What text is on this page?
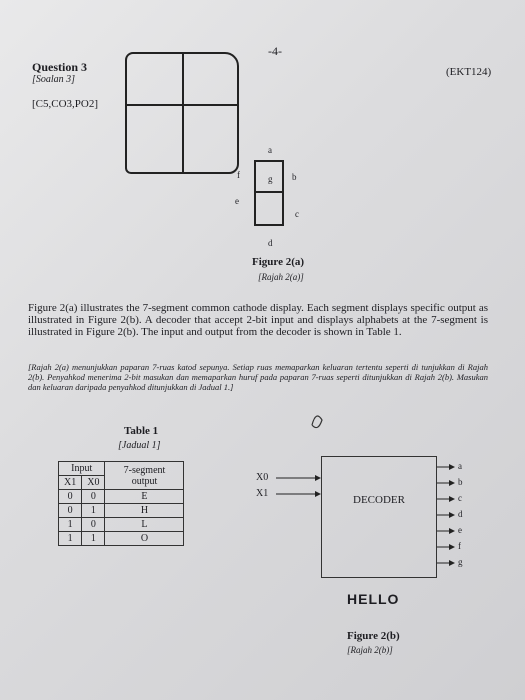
-4-
(EKT124)
Question 3
[Soalan 3]
[C5,CO3,PO2]
a
f	g b
e
c
d
Figure 2(a)
[Rajah 2(a)]
Figure 2(a) illustrates the 7-segment common cathode display. Each segment displays specific output as illustrated in Figure 2(b). A decoder that accept 2-bit input and displays alphabets at the 7-segment is illustrated in Figure 2(b). The input and output from the decoder is shown in Table 1.
[Rajah 2(a) menunjukkan paparan 7-ruas katod sepunya. Setiap ruas memaparkan keluaran tertentu seperti di tunjukkan di Rajah 2(b). Penyahkod menerima 2-bit masukan dan memaparkan huruf pada paparan 7-ruas seperti ditunjukkan di Rajah 2(b). Masukan dan keluaran daripada penyahkod ditunjukkan di Jadual 1.]
Table 1
[Jadual 1]
Input		7-segment output
X1	X0	
0	0	E
0	1	H
1	0	L
1	1	O
X0
X1
DECODER
a
b
c
d
e
f
g
HELLO
Figure 2(b)
[Rajah 2(b)]
